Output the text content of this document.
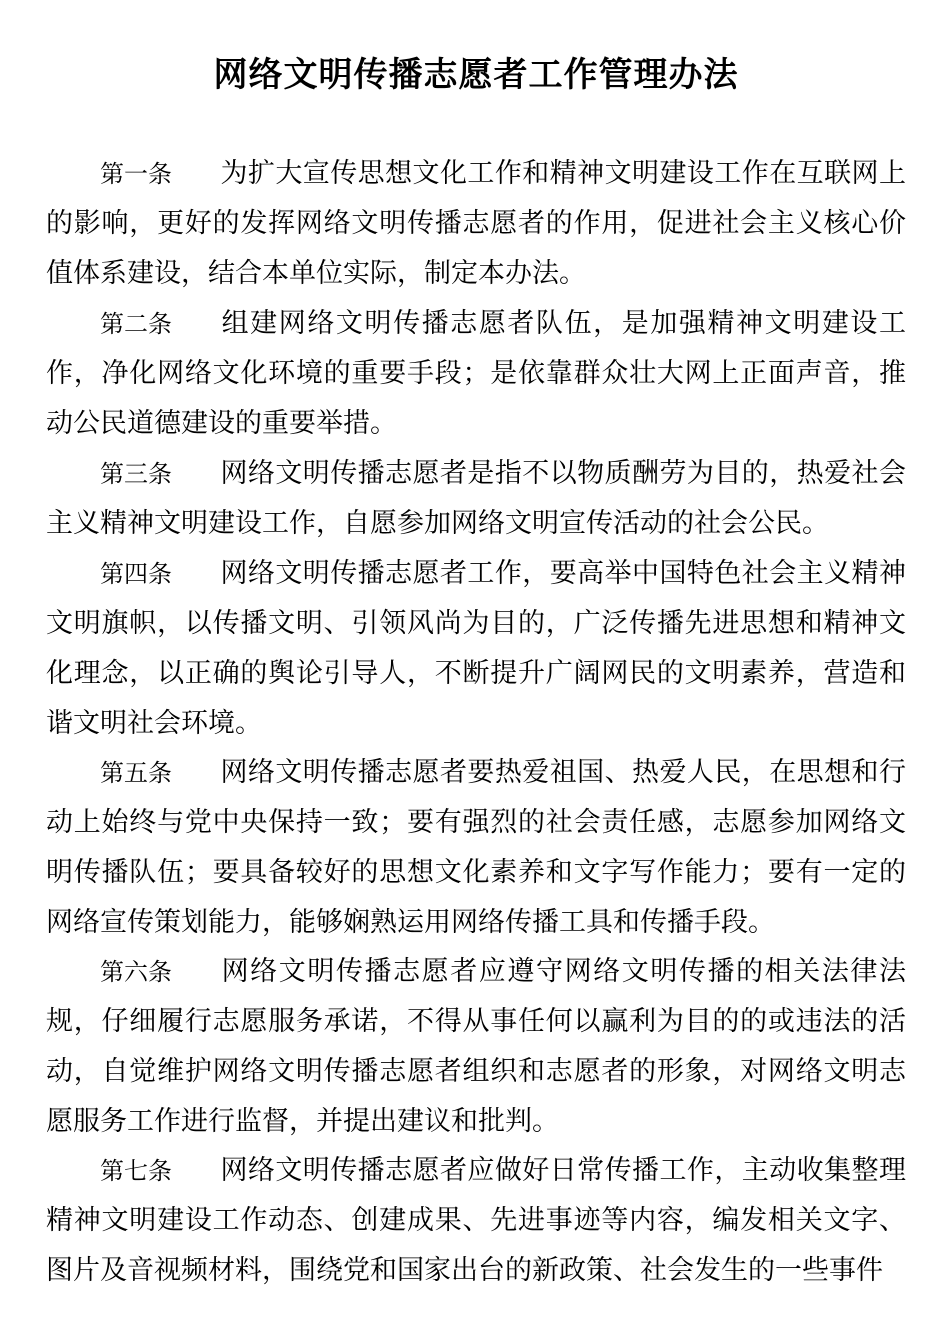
网络文明传播志愿者工作管理办法

第一条 为扩大宣传思想文化工作和精神文明建设工作在互联网上的影响，更好的发挥网络文明传播志愿者的作用，促进社会主义核心价值体系建设，结合本单位实际，制定本办法。

第二条 组建网络文明传播志愿者队伍，是加强精神文明建设工作，净化网络文化环境的重要手段；是依靠群众壮大网上正面声音，推动公民道德建设的重要举措。

第三条 网络文明传播志愿者是指不以物质酬劳为目的，热爱社会主义精神文明建设工作，自愿参加网络文明宣传活动的社会公民。

第四条 网络文明传播志愿者工作，要高举中国特色社会主义精神文明旗帜，以传播文明、引领风尚为目的，广泛传播先进思想和精神文化理念，以正确的舆论引导人，不断提升广阔网民的文明素养，营造和谐文明社会环境。

第五条 网络文明传播志愿者要热爱祖国、热爱人民，在思想和行动上始终与党中央保持一致；要有强烈的社会责任感，志愿参加网络文明传播队伍；要具备较好的思想文化素养和文字写作能力；要有一定的网络宣传策划能力，能够娴熟运用网络传播工具和传播手段。

第六条 网络文明传播志愿者应遵守网络文明传播的相关法律法规，仔细履行志愿服务承诺，不得从事任何以赢利为目的的或违法的活动，自觉维护网络文明传播志愿者组织和志愿者的形象，对网络文明志愿服务工作进行监督，并提出建议和批判。

第七条 网络文明传播志愿者应做好日常传播工作，主动收集整理精神文明建设工作动态、创建成果、先进事迹等内容，编发相关文字、图片及音视频材料，围绕党和国家出台的新政策、社会发生的一些事件
